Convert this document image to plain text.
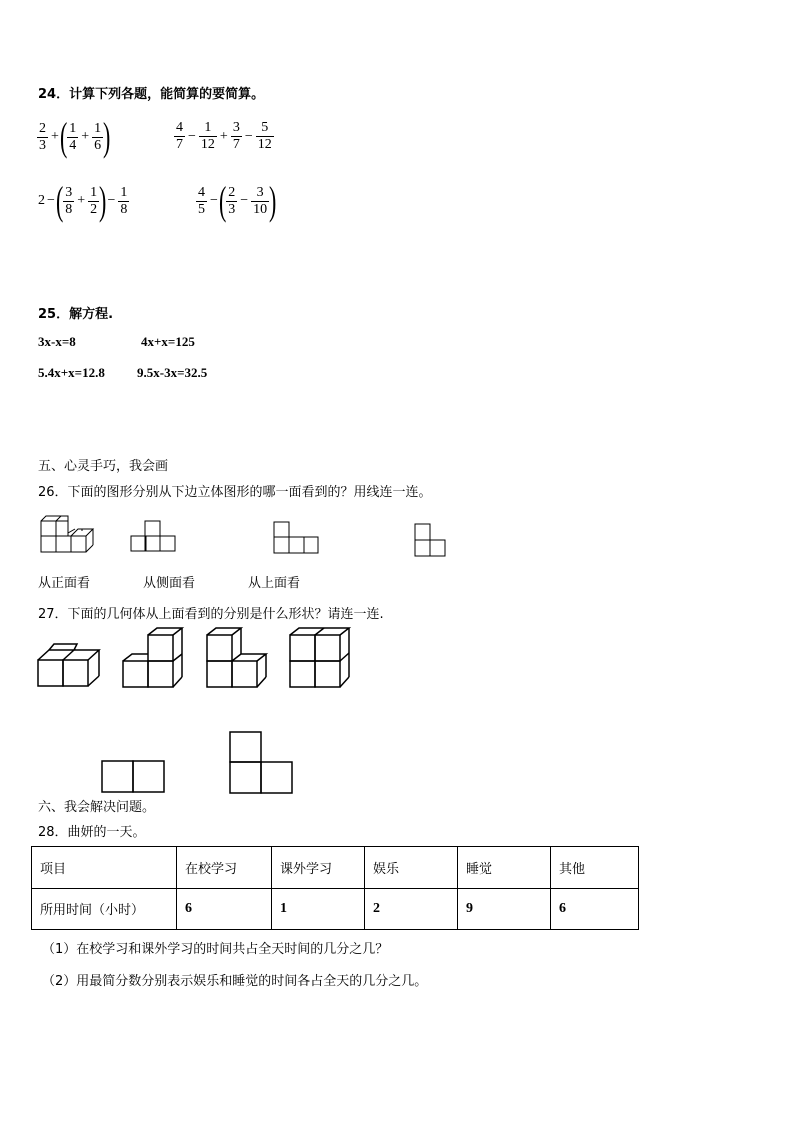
24．计算下列各题，能简算的要简算。
$\frac{2}{3}$ + ( $\frac{1}{4} + \frac{1}{6}$ )	$\frac{4}{7} - \frac{1}{12} + \frac{3}{7} - \frac{5}{12}$
2 − ( $\frac{3}{8} + \frac{1}{2}$ ) − $\frac{1}{8}$	$\frac{4}{5}$ − ( $\frac{2}{3} - \frac{3}{10}$ )
25．解方程.
3x-x=8	4x+x=125
5.4x+x=12.8 9.5x-3x=32.5
五、心灵手巧，我会画
26．下面的图形分别从下边立体图形的哪一面看到的？用线连一连。
从正面看	从侧面看	从上面看
27．下面的几何体从上面看到的分别是什么形状？请连一连.
六、我会解决问题。
28．曲妍的一天。
项目	在校学习	课外学习	娱乐	睡觉	其他
所用时间（小时）	6	1	2	9	6
（1）在校学习和课外学习的时间共占全天时间的几分之几？
（2）用最简分数分别表示娱乐和睡觉的时间各占全天的几分之几。
